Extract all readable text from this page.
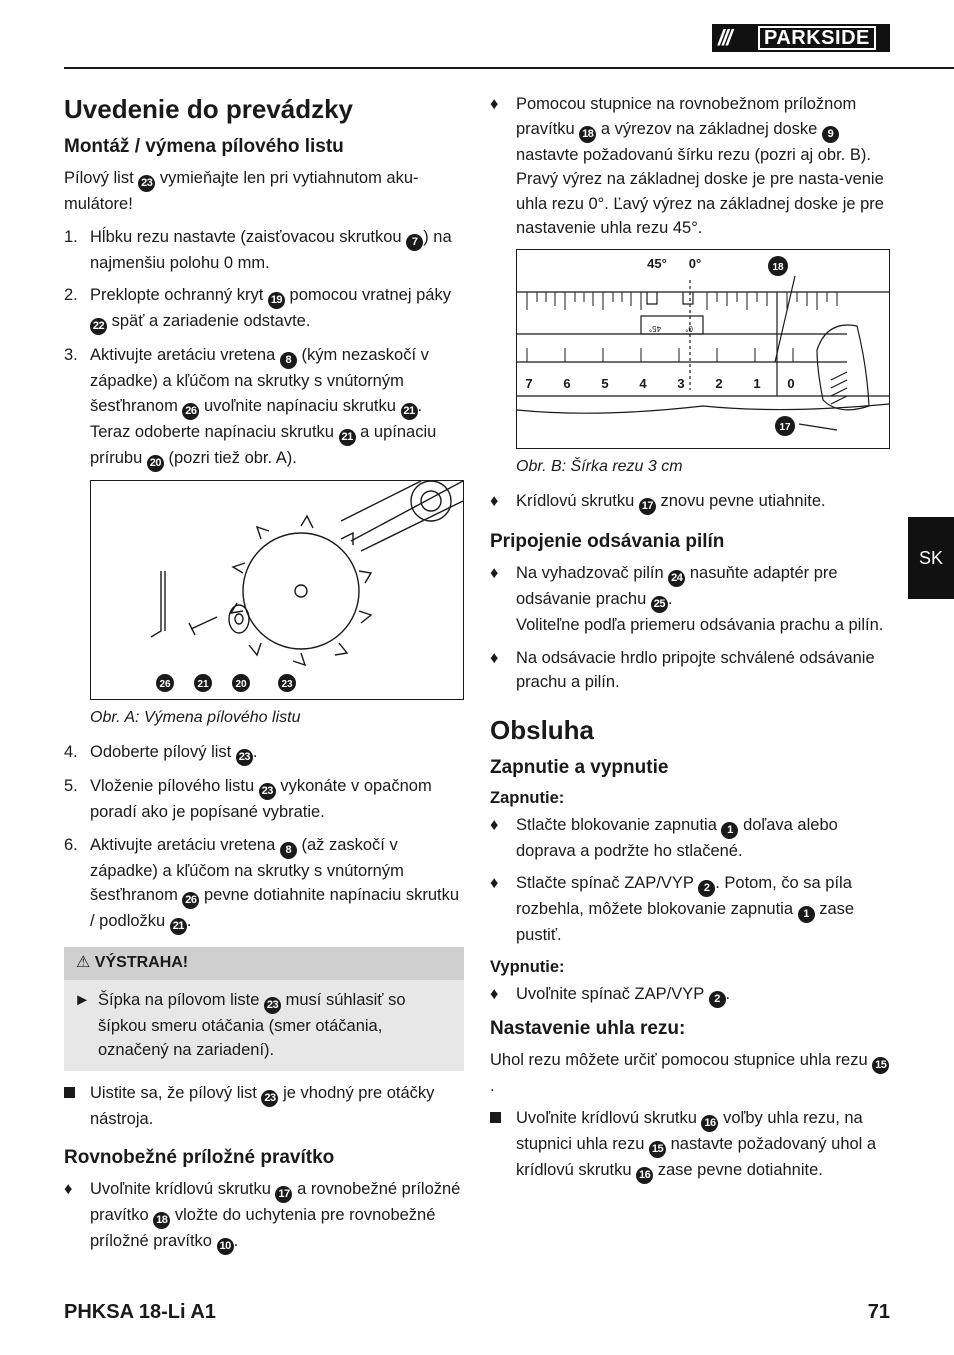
/// PARKSIDE
SK
Uvedenie do prevádzky
Montáž / výmena pílového listu

Pílový list 23 vymieňajte len pri vytiahnutom aku-mulátore!

1. Hĺbku rezu nastavte (zaisťovacou skrutkou 7 ) na najmenšiu polohu 0 mm.
2. Preklopte ochranný kryt 19 pomocou vratnej páky 22 späť a zariadenie odstavte.
3. Aktivujte aretáciu vretena 8 (kým nezaskočí v západke) a kľúčom na skrutky s vnútorným šesťhranom 26 uvoľnite napínaciu skrutku 21 . Teraz odoberte napínaciu skrutku 21 a upínaciu prírubu 20 (pozri tiež obr. A).
26	21	20	23
Obr. A: Výmena pílového listu
4. Odoberte pílový list 23 .
5. Vloženie pílového listu 23 vykonáte v opačnom poradí ako je popísané vybratie.
6. Aktivujte aretáciu vretena 8 (až zaskočí v západke) a kľúčom na skrutky s vnútorným šesťhranom 26 pevne dotiahnite napínaciu skrutku / podložku 21 .
⚠ VÝSTRAHA!
► Šípka na pílovom liste 23 musí súhlasiť so šípkou smeru otáčania (smer otáčania, označený na zariadení).
Uistite sa, že pílový list 23 je vhodný pre otáčky nástroja.
Rovnobežné príložné pravítko
♦ Uvoľnite krídlovú skrutku 17 a rovnobežné príložné pravítko 18 vložte do uchytenia pre rovnobežné príložné pravítko 10 .
♦ Pomocou stupnice na rovnobežnom príložnom pravítku 18 a výrezov na základnej doske 9 nastavte požadovanú šírku rezu (pozri aj obr. B). Pravý výrez na základnej doske je pre nasta-venie uhla rezu 0°. Ľavý výrez na základnej doske je pre nastavenie uhla rezu 45°.
45° 0°
7 6 5 4 3 2 1 0
45°	0°
18
17
Obr. B: Šírka rezu 3 cm
♦ Krídlovú skrutku 17 znovu pevne utiahnite.
Pripojenie odsávania pilín
♦ Na vyhadzovač pilín 24 nasuňte adaptér pre odsávanie prachu 25 .
Voliteľne podľa priemeru odsávania prachu a pilín.
♦ Na odsávacie hrdlo pripojte schválené odsávanie prachu a pilín.
Obsluha
Zapnutie a vypnutie
Zapnutie:
♦ Stlačte blokovanie zapnutia 1 doľava alebo doprava a podržte ho stlačené.
♦ Stlačte spínač ZAP/VYP 2 . Potom, čo sa píla rozbehla, môžete blokovanie zapnutia 1 zase pustiť.
Vypnutie:
♦ Uvoľnite spínač ZAP/VYP 2 .
Nastavenie uhla rezu:

Uhol rezu môžete určiť pomocou stupnice uhla rezu 15.

Uvoľnite krídlovú skrutku 16 voľby uhla rezu, na stupnici uhla rezu 15 nastavte požadovaný uhol a krídlovú skrutku 16 zase pevne dotiahnite.
PHKSA 18-Li A1	71
